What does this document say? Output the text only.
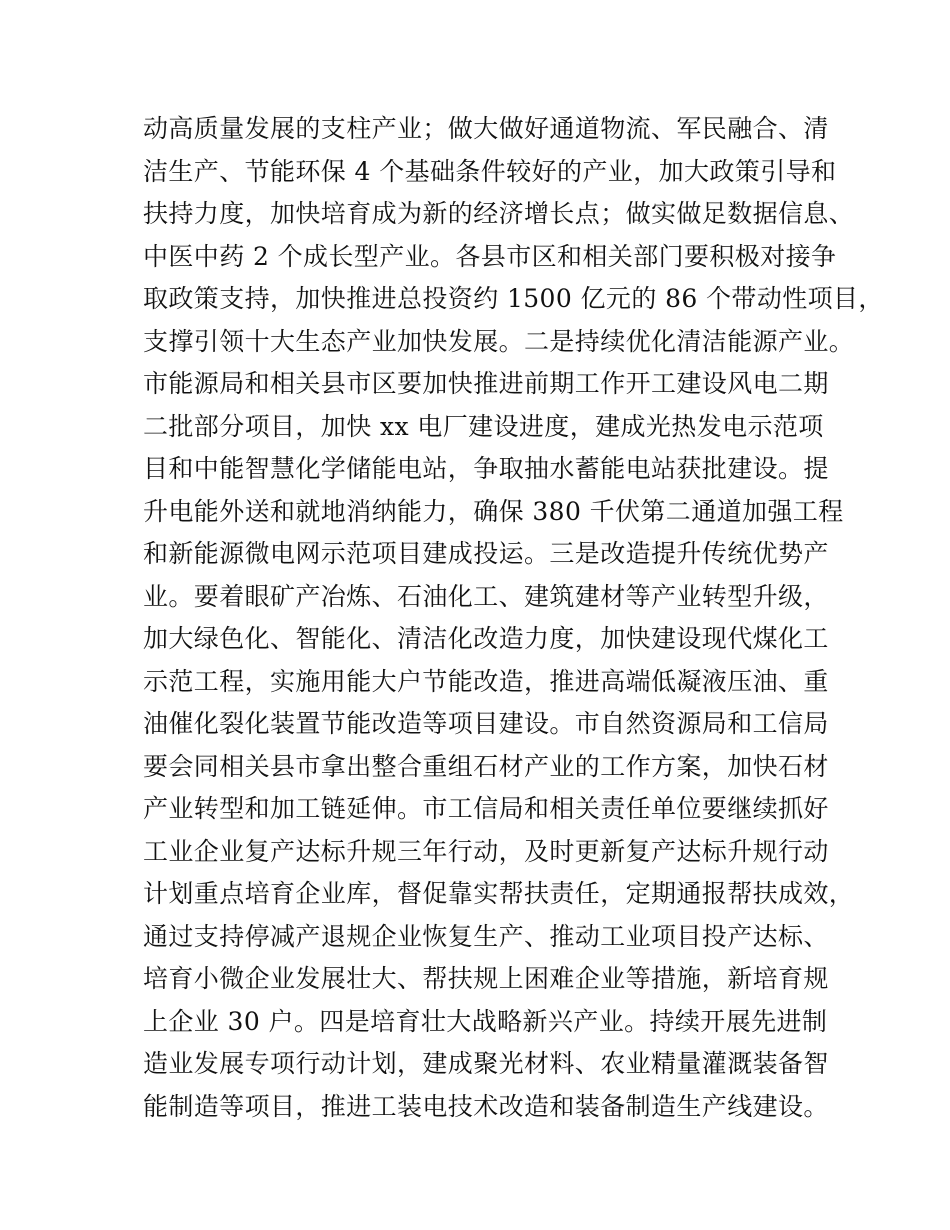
动高质量发展的支柱产业；做大做好通道物流、军民融合、清
洁生产、节能环保 4 个基础条件较好的产业，加大政策引导和
扶持力度，加快培育成为新的经济增长点；做实做足数据信息、
中医中药 2 个成长型产业。各县市区和相关部门要积极对接争
取政策支持，加快推进总投资约 1500 亿元的 86 个带动性项目，
支撑引领十大生态产业加快发展。二是持续优化清洁能源产业。
市能源局和相关县市区要加快推进前期工作开工建设风电二期
二批部分项目，加快 xx 电厂建设进度，建成光热发电示范项
目和中能智慧化学储能电站，争取抽水蓄能电站获批建设。提
升电能外送和就地消纳能力，确保 380 千伏第二通道加强工程
和新能源微电网示范项目建成投运。三是改造提升传统优势产
业。要着眼矿产冶炼、石油化工、建筑建材等产业转型升级，
加大绿色化、智能化、清洁化改造力度，加快建设现代煤化工
示范工程，实施用能大户节能改造，推进高端低凝液压油、重
油催化裂化装置节能改造等项目建设。市自然资源局和工信局
要会同相关县市拿出整合重组石材产业的工作方案，加快石材
产业转型和加工链延伸。市工信局和相关责任单位要继续抓好
工业企业复产达标升规三年行动，及时更新复产达标升规行动
计划重点培育企业库，督促靠实帮扶责任，定期通报帮扶成效，
通过支持停减产退规企业恢复生产、推动工业项目投产达标、
培育小微企业发展壮大、帮扶规上困难企业等措施，新培育规
上企业 30 户。四是培育壮大战略新兴产业。持续开展先进制
造业发展专项行动计划，建成聚光材料、农业精量灌溉装备智
能制造等项目，推进工装电技术改造和装备制造生产线建设。
